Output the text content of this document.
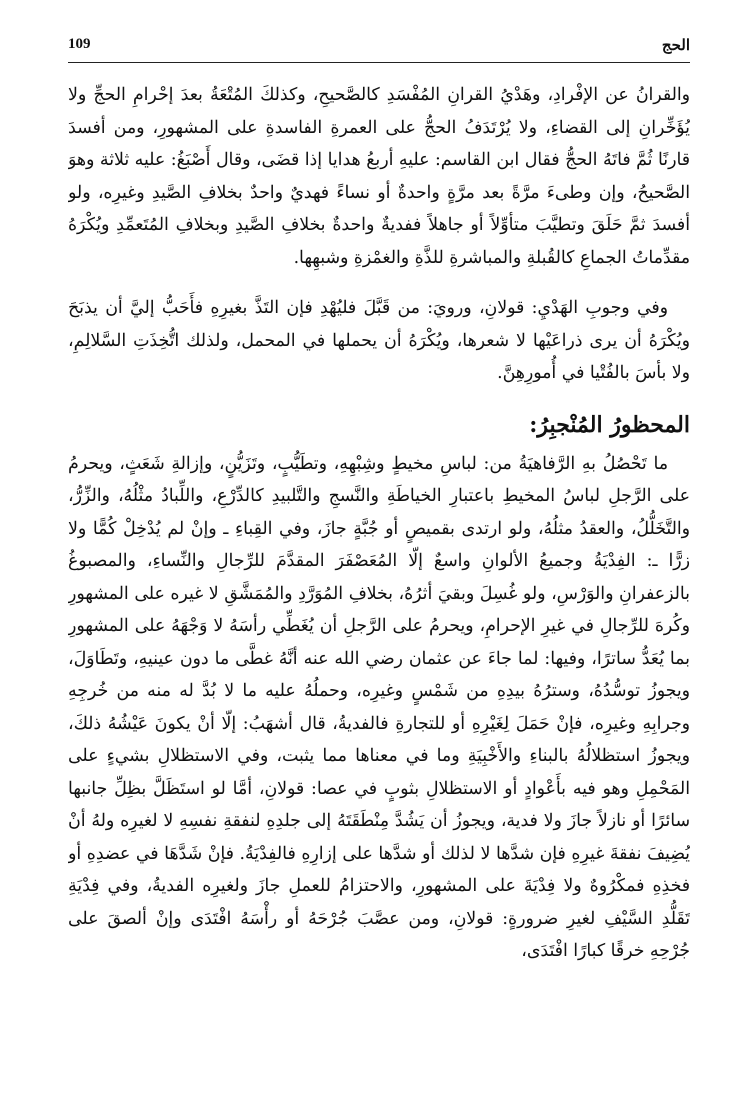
109	الحج

والقرانُ عن الإفْرادِ، وهَدْيُ القرانِ المُفْسَدِ كالصَّحيحِ، وكذلكَ المُتْعَةُ بعدَ إحْرامِ الحجِّ ولا يُؤَخِّرانِ إلى القضاءِ، ولا يُرْتَدَفُ الحجُّ على العمرةِ الفاسدةِ على المشهورِ، ومن أفسدَ قارنًا ثُمَّ فاتَهُ الحجُّ فقال ابن القاسم: عليهِ أربعُ هدايا إذا قضَى، وقال أَصْبَغُ: عليه ثلاثة وهوَ الصَّحيحُ، وإن وطىءَ مرَّةً بعد مرَّةٍ واحدةٌ أو نساءً فهديٌ واحدٌ بخلافِ الصَّيدِ وغيرِه، ولو أفسدَ ثمَّ حَلَقَ وتطيَّبَ متأوِّلاً أو جاهلاً ففديةٌ واحدةٌ بخلافِ الصَّيدِ وبخلافِ المُتَعمِّدِ ويُكْرَهُ مقدِّماتُ الجماعِ كالقُبلةِ والمباشرةِ للذَّةِ والغمْزةِ وشبهِها.

وفي وجوبِ الهَدْيِ: قولانِ، ورويَ: من قَبَّلَ فليُهْدِ فإن التَذَّ بغيرِهِ فأَحَبُّ إليَّ أن يذبَحَ ويُكْرَهُ أن يرى ذراعَيْها لا شعرها، ويُكْرَهُ أن يحملها في المحمل، ولذلك اتُّخِذَتِ السَّلالِمِ، ولا بأسَ بالفُتْيا في أُمورِهِنَّ.

المحظورُ المُنْجبِرُ:

ما تَحْصُلُ بهِ الرَّفاهيَةُ من: لباسِ مخيطٍ وشِبْهِهِ، وتطَيُّبٍ، وتَزَيُّنٍ، وإزالةِ شَعَثٍ، ويحرمُ على الرَّجلِ لباسُ المخيطِ باعتبارِ الخياطَةِ والنَّسجِ والتَّلبيدِ كالدِّرْعِ، واللِّبادُ مثْلُهُ، والزِّرُّ، والتَّخَلُّلُ، والعقدُ مثلُهُ، ولو ارتدى بقميصٍ أو جُبَّةٍ جازَ، وفي القِباءِ ـ وإنْ لم يُدْخِلْ كُمًّا ولا زرًّا ـ: الفِدْيَةُ وجميعُ الألوانِ واسعٌ إلّا المُعَصْفَرَ المقدَّمَ للرِّجالِ والنِّساءِ، والمصبوغُ بالزعفرانِ والوَرْسِ، ولو غُسِلَ وبقيَ أثرُهُ، بخلافِ المُوَرَّدِ والمُمَشَّقِ لا غيره على المشهورِ وكُرهَ للرِّجالِ في غيرِ الإحرامِ، ويحرمُ على الرَّجلِ أن يُغَطِّي رأسَهُ لا وَجْهَهُ على المشهورِ بما يُعَدُّ ساترًا، وفيها: لما جاءَ عن عثمان رضي الله عنه أنَّهُ غطَّى ما دون عينيهِ، وتَطَاوَلَ، ويجوزُ توسُّدُهُ، وسترُهُ بيدِهِ من شَمْسٍ وغيرِه، وحملُهُ عليه ما لا بُدَّ له منه من خُرجِهِ وجرابِهِ وغيرِه، فإنْ حَمَلَ لِغَيْرِهِ أو للتجارةِ فالفديةُ، قال أشهَبُ: إلّا أنْ يكونَ عَيْشُهُ ذلكَ، ويجوزُ استظلالُهُ بالبناءِ والأَخْبِيَةِ وما في معناها مما يثبت، وفي الاستظلالِ بشيءٍ على المَحْمِلِ وهو فيه بأَعْوادٍ أو الاستظلالِ بثوبٍ في عصا: قولانِ، أمَّا لو استَظَلَّ بظِلِّ جانبها سائرًا أو نازلاً جازَ ولا فدية، ويجوزُ أن يَشُدَّ مِنْطَقَتَهُ إلى جلدِهِ لنفقةِ نفسِهِ لا لغيرِه ولهُ أنْ يُضِيفَ نفقةَ غيرِهِ فإن شدَّها لا لذلك أو شدَّها على إزارِهِ فالفِدْيَةُ. فإنْ شَدَّهَا في عضدِهِ أو فخذِهِ فمكْرُوهٌ ولا فِدْيَةَ على المشهورِ، والاحتزامُ للعملِ جازَ ولغيرِه الفديةُ، وفي فِدْيَةِ تَقَلُّدِ السَّيْفِ لغيرِ ضرورةٍ: قولانِ، ومن عصَّبَ جُرْحَهُ أو رأْسَهُ افْتَدَى وإنْ ألصقَ على جُرْحِهِ خرقًا كبارًا افْتَدَى،
